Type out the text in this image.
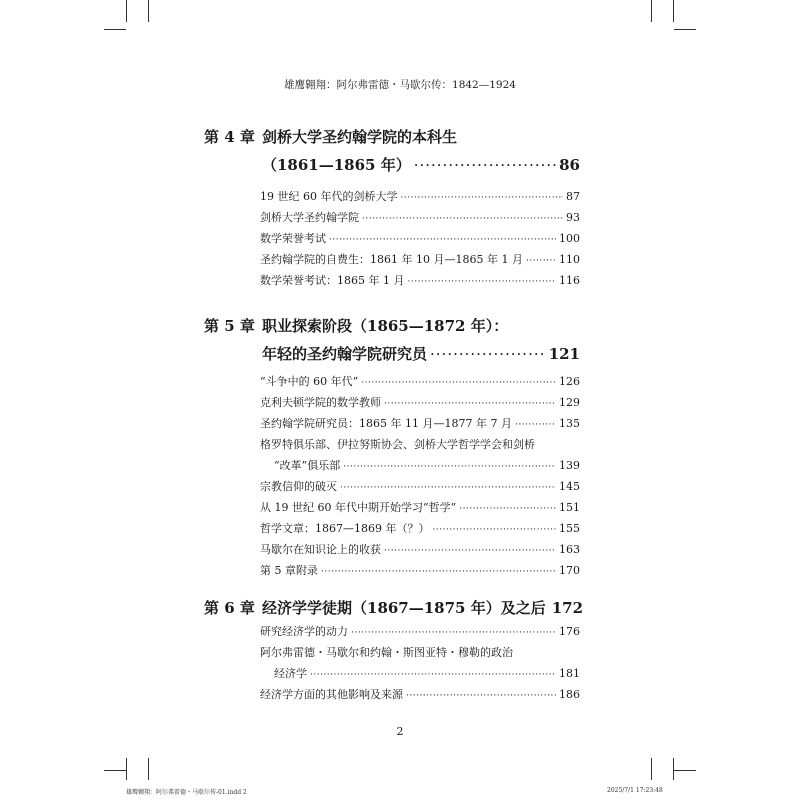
雄鹰翱翔：阿尔弗雷德・马歇尔传：1842—1924
第 4 章 剑桥大学圣约翰学院的本科生
（1861—1865 年） ·····	86
19 世纪 60 年代的剑桥大学 ·····	87
剑桥大学圣约翰学院 ·····	93
数学荣誉考试 ·····	100
圣约翰学院的自费生：1861 年 10 月—1865 年 1 月 ·····	110
数学荣誉考试：1865 年 1 月 ·····	116
第 5 章 职业探索阶段（1865—1872 年）：
年轻的圣约翰学院研究员 ·····	121
“斗争中的 60 年代” ·····	126
克利夫顿学院的数学教师 ·····	129
圣约翰学院研究员：1865 年 11 月—1877 年 7 月 ·····	135
格罗特俱乐部、伊拉努斯协会、剑桥大学哲学学会和剑桥
“改革”俱乐部 ·····	139
宗教信仰的破灭 ·····	145
从 19 世纪 60 年代中期开始学习“哲学” ·····	151
哲学文章：1867—1869 年（？） ·····	155
马歇尔在知识论上的收获 ·····	163
第 5 章附录 ·····	170
第 6 章 经济学学徒期（1867—1875 年）及之后 172
研究经济学的动力 ·····	176
阿尔弗雷德・马歇尔和约翰・斯图亚特・穆勒的政治
经济学 ·····	181
经济学方面的其他影响及来源 ·····	186
2
雄鹰翱翔：阿尔弗雷德・马歇尔传-01.indd 2	2025/7/1 17:23:48
